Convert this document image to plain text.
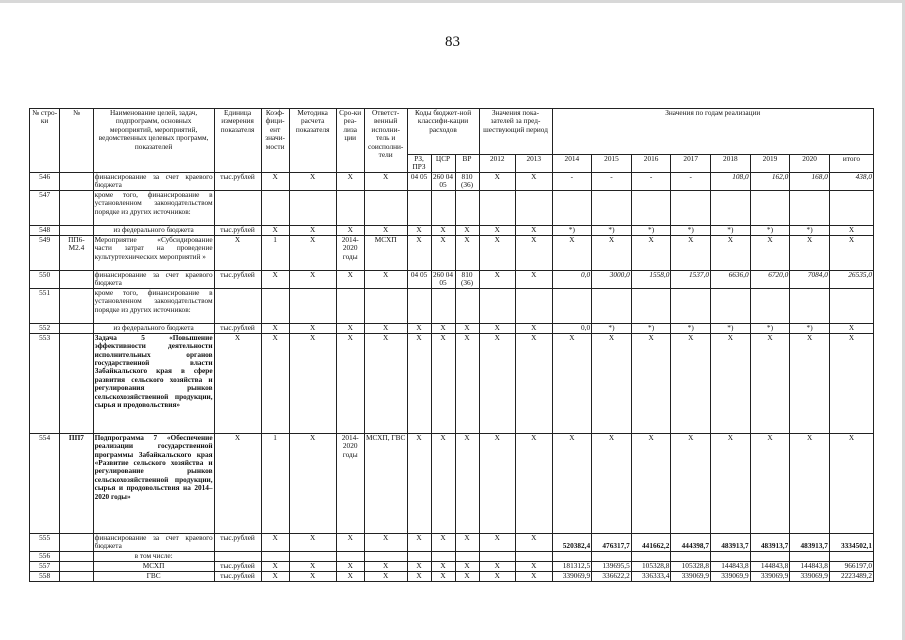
83
№ стро-ки	№	Наименование целей, задач, подпрограмм, основных мероприятий, мероприятий, ведомственных целевых программ, показателей	Единица измерения показателя	Коэф-фици-ент значи-мости	Методика расчета показателя	Сро-ки реа-лиза ции	Ответст-венный исполни-тель и соисполни-тели	Коды бюджет-ной классифи-кации расходов			Значения пока-зателей за пред-шествующий период		Значения по годам реализации							
								РЗ, ПРЗ	ЦСР	ВР	2012	2013	2014	2015	2016	2017	2018	2019	2020	итого
546		финансирование за счет краевого бюджета	тыс.рублей	X	X	X	X	04 05	260 04 05	810 (36)	X	X	-	-	-	-	108,0	162,0	168,0	438,0
547		кроме того, финансирование в установленном законодательством порядке из других источников:																		
548		из федерального бюджета	тыс.рублей	X	X	X	X	X	X	X	X	X	*)	*)	*)	*)	*)	*)	*)	X
549	ПП6-М2.4	Мероприятие «Субсидирование части затрат на проведение культуртехнических мероприятий »	X	1	X	2014-2020 годы	МСХП	X	X	X	X	X	X	X	X	X	X	X	X	X
550		финансирование за счет краевого бюджета	тыс.рублей	X	X	X	X	04 05	260 04 05	810 (36)	X	X	0,0	3000,0	1558,0	1537,0	6636,0	6720,0	7084,0	26535,0
551		кроме того, финансирование в установленном законодательством порядке из других источников:																		
552		из федерального бюджета	тыс.рублей	X	X	X	X	X	X	X	X	X	0,0	*)	*)	*)	*)	*)	*)	X
553		Задача 5 «Повышение эффективности деятельности исполнительных органов государственной власти Забайкальского края в сфере развития сельского хозяйства и регулирования рынков сельскохозяйственной продукции, сырья и продовольствия»	X	X	X	X	X	X	X	X	X	X	X	X	X	X	X	X	X	X
554	ПП7	Подпрограмма 7 «Обеспечение реализации государственной программы Забайкальского края «Развитие сельского хозяйства и регулирование рынков сельскохозяйственной продукции, сырья и продовольствия на 2014–2020 годы»	X	1	X	2014-2020 годы	МСХП, ГВС	X	X	X	X	X	X	X	X	X	X	X	X	X
555		финансирование за счет краевого бюджета	тыс.рублей	X	X	X	X	X	X	X	X	X	520382,4	476317,7	441662,2	444398,7	483913,7	483913,7	483913,7	3334502,1
556		в том числе:																		
557		МСХП	тыс.рублей	X	X	X	X	X	X	X	X	X	181312,5	139695,5	105328,8	105328,8	144843,8	144843,8	144843,8	966197,0
558		ГВС	тыс.рублей	X	X	X	X	X	X	X	X	X	339069,9	336622,2	336333,4	339069,9	339069,9	339069,9	339069,9	2223489,2
